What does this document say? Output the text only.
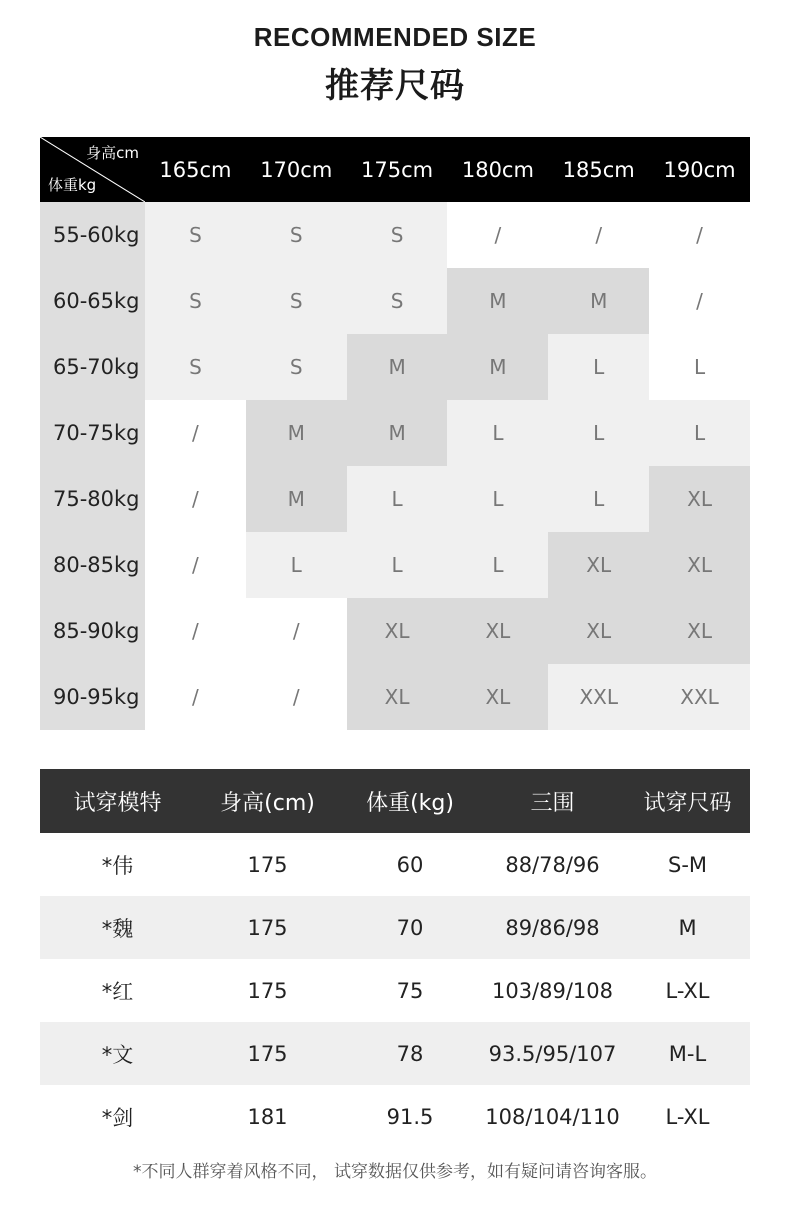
RECOMMENDED SIZE
推荐尺码
身高cm
体重kg
165cm	170cm	175cm	180cm	185cm	190cm
55-60kg	S	S	S	/	/	/
60-65kg	S	S	S	M	M	/
65-70kg	S	S	M	M	L	L
70-75kg	/	M	M	L	L	L
75-80kg	/	M	L	L	L	XL
80-85kg	/	L	L	L	XL	XL
85-90kg	/	/	XL	XL	XL	XL
90-95kg	/	/	XL	XL	XXL	XXL
试穿模特	身高(cm)	体重(kg)	三围	试穿尺码
*伟	175	60	88/78/96	S-M
*魏	175	70	89/86/98	M
*红	175	75	103/89/108	L-XL
*文	175	78	93.5/95/107	M-L
*剑	181	91.5	108/104/110	L-XL
*不同人群穿着风格不同， 试穿数据仅供参考，如有疑问请咨询客服。
